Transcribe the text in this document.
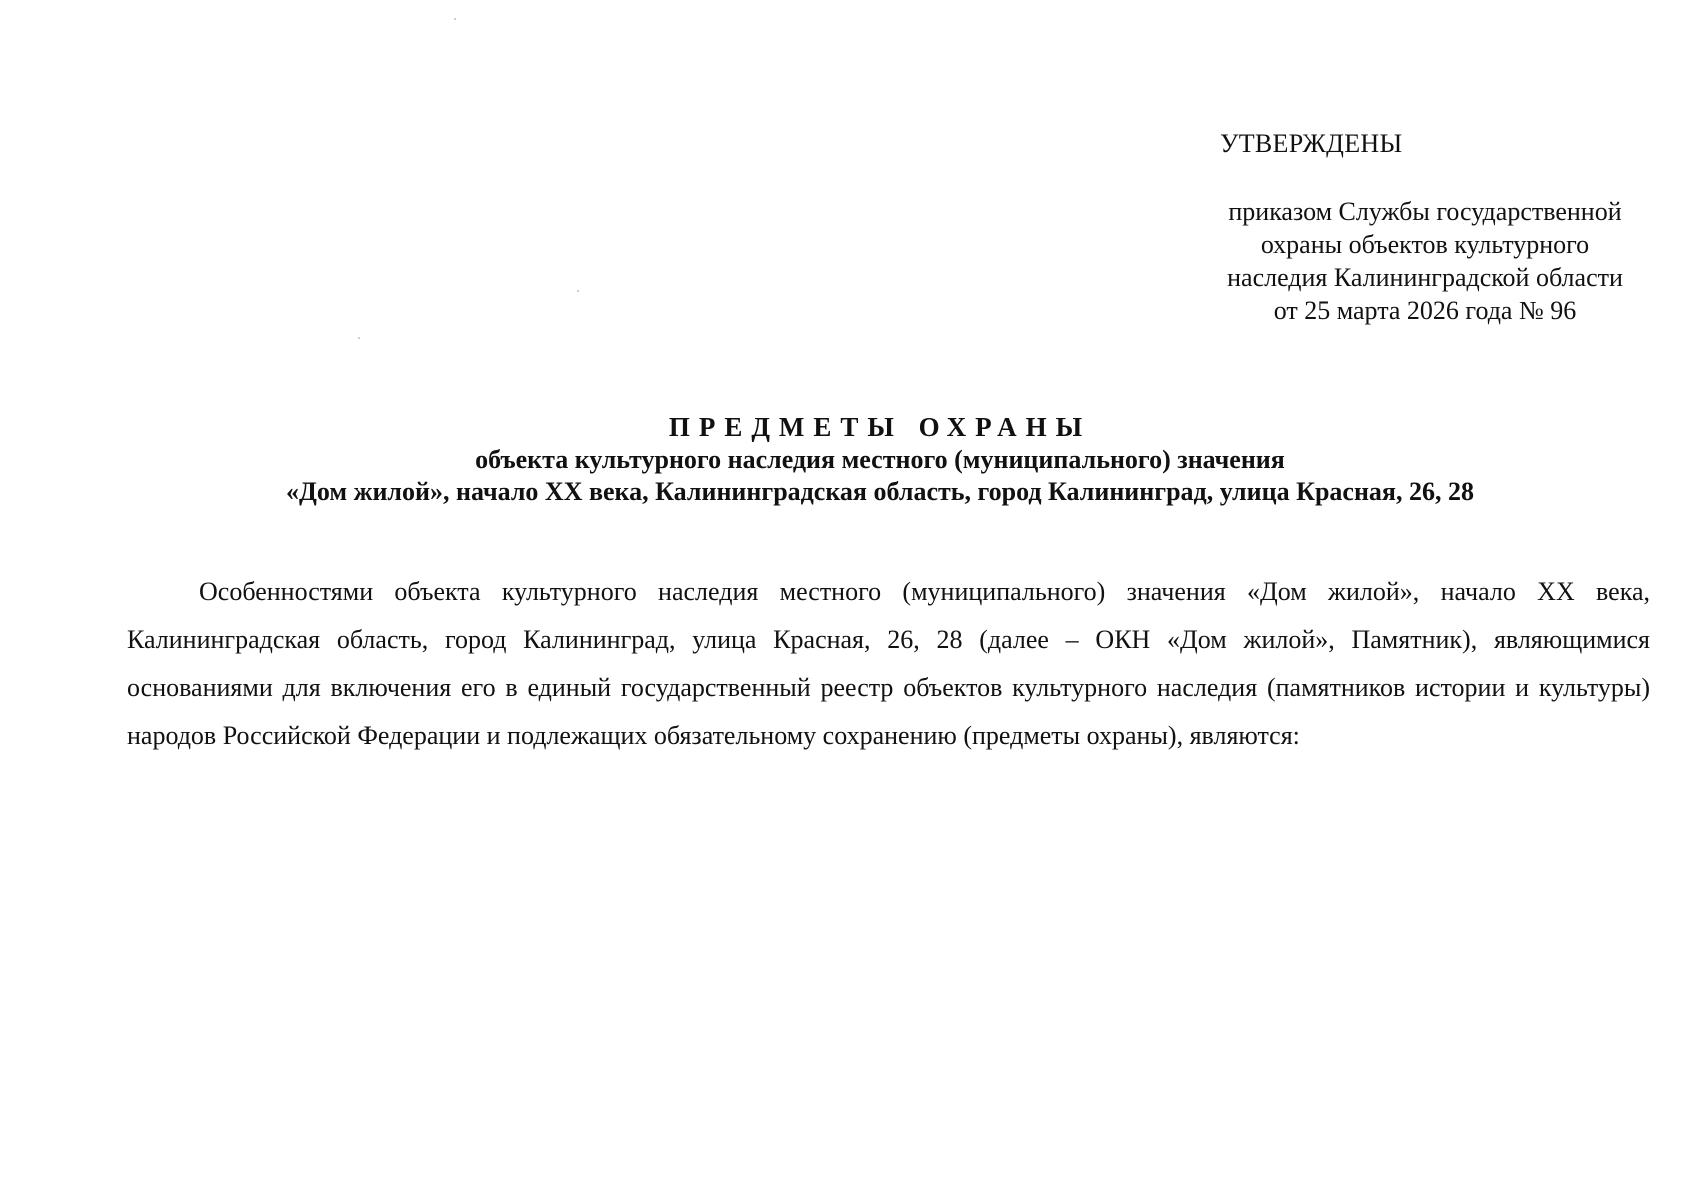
УТВЕРЖДЕНЫ
приказом Службы государственной
охраны объектов культурного
наследия Калининградской области
от 25 марта 2026 года № 96
ПРЕДМЕТЫ ОХРАНЫ
объекта культурного наследия местного (муниципального) значения
«Дом жилой», начало XX века, Калининградская область, город Калининград, улица Красная, 26, 28
Особенностями объекта культурного наследия местного (муниципального) значения «Дом жилой», начало XX века, Калининградская область, город Калининград, улица Красная, 26, 28 (далее – ОКН «Дом жилой», Памятник), являющимися основаниями для включения его в единый государственный реестр объектов культурного наследия (памятников истории и культуры) народов Российской Федерации и подлежащих обязательному сохранению (предметы охраны), являются:
